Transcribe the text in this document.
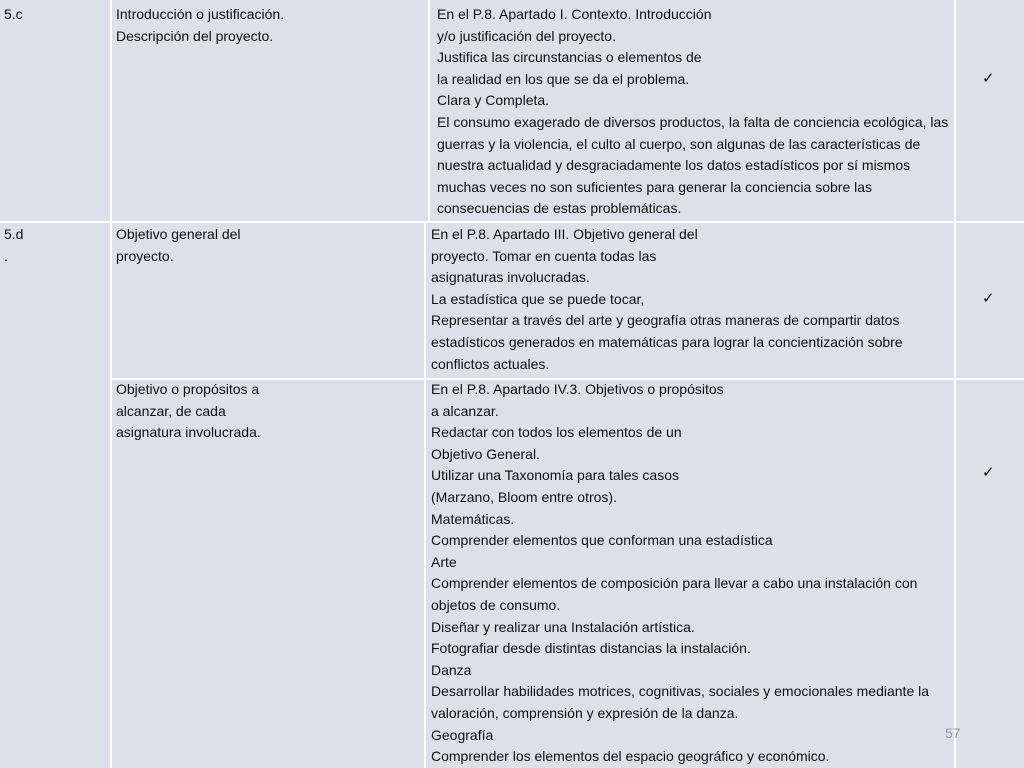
5.c	Introducción o justificación.
Descripción del proyecto.
En el P.8. Apartado I. Contexto. Introducción
y/o justificación del proyecto.
Justifica las circunstancias o elementos de
la realidad en los que se da el problema.
Clara y Completa.
El consumo exagerado de diversos productos, la falta de conciencia ecológica, las
guerras y la violencia, el culto al cuerpo, son algunas de las características de
nuestra actualidad y desgraciadamente los datos estadísticos por sí mismos
muchas veces no son suficientes para generar la conciencia sobre las
consecuencias de estas problemáticas.
✓
5.d
.
Objetivo general del
proyecto.
En el P.8. Apartado III. Objetivo general del
proyecto. Tomar en cuenta todas las
asignaturas involucradas.
La estadística que se puede tocar,
Representar a través del arte y geografía otras maneras de compartir datos
estadísticos generados en matemáticas para lograr la concientización sobre
conflictos actuales.
✓
Objetivo o propósitos a
alcanzar, de cada
asignatura involucrada.
En el P.8. Apartado IV.3. Objetivos o propósitos
a alcanzar.
Redactar con todos los elementos de un
Objetivo General.
Utilizar una Taxonomía para tales casos
(Marzano, Bloom entre otros).
Matemáticas.
Comprender elementos que conforman una estadística
Arte
Comprender elementos de composición para llevar a cabo una instalación con
objetos de consumo.
Diseñar y realizar una Instalación artística.
Fotografiar desde distintas distancias la instalación.
Danza
Desarrollar habilidades motrices, cognitivas, sociales y emocionales mediante la
valoración, comprensión y expresión de la danza.
Geografía
Comprender los elementos del espacio geográfico y económico.
✓
57
